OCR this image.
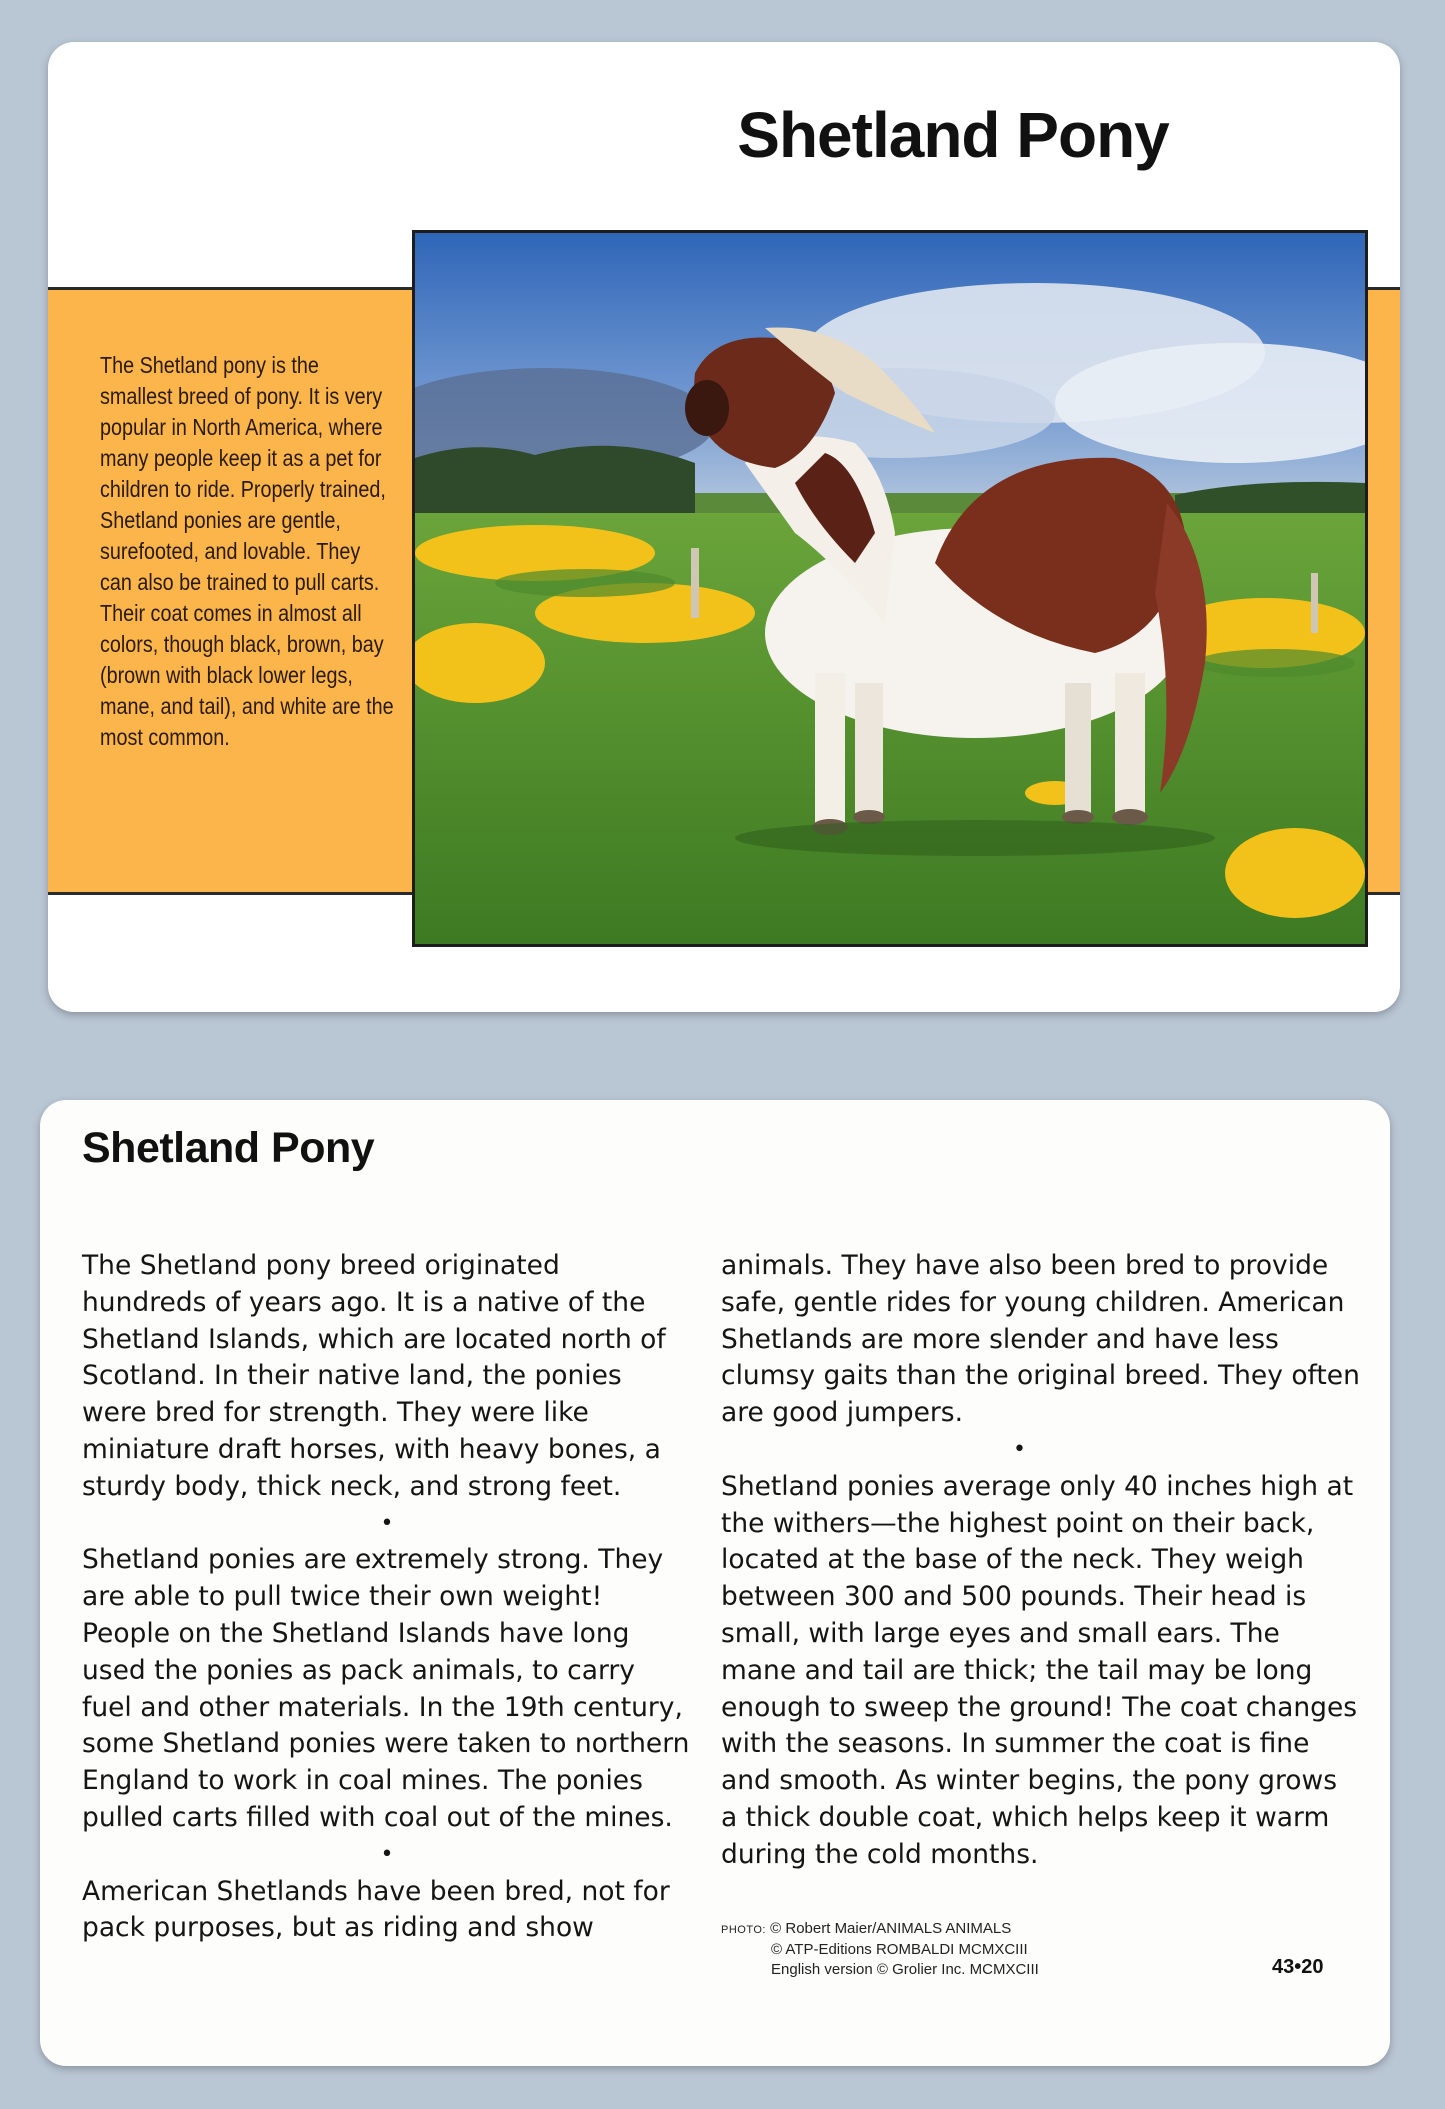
Shetland Pony
The Shetland pony is the smallest breed of pony. It is very popular in North America, where many people keep it as a pet for children to ride. Properly trained, Shetland ponies are gentle, surefooted, and lovable. They can also be trained to pull carts. Their coat comes in almost all colors, though black, brown, bay (brown with black lower legs, mane, and tail), and white are the most common.
Shetland Pony

The Shetland pony breed originated hundreds of years ago. It is a native of the Shetland Islands, which are located north of Scotland. In their native land, the ponies were bred for strength. They were like miniature draft horses, with heavy bones, a sturdy body, thick neck, and strong feet.

•

Shetland ponies are extremely strong. They are able to pull twice their own weight! People on the Shetland Islands have long used the ponies as pack animals, to carry fuel and other materials. In the 19th century, some Shetland ponies were taken to northern England to work in coal mines. The ponies pulled carts filled with coal out of the mines.

•

American Shetlands have been bred, not for pack purposes, but as riding and show

animals. They have also been bred to provide safe, gentle rides for young children. American Shetlands are more slender and have less clumsy gaits than the original breed. They often are good jumpers.

•

Shetland ponies average only 40 inches high at the withers—the highest point on their back, located at the base of the neck. They weigh between 300 and 500 pounds. Their head is small, with large eyes and small ears. The mane and tail are thick; the tail may be long enough to sweep the ground! The coat changes with the seasons. In summer the coat is fine and smooth. As winter begins, the pony grows a thick double coat, which helps keep it warm during the cold months.

PHOTO: © Robert Maier/ANIMALS ANIMALS
© ATP-Editions ROMBALDI MCMXCIII
English version © Grolier Inc. MCMXCIII	43•20
